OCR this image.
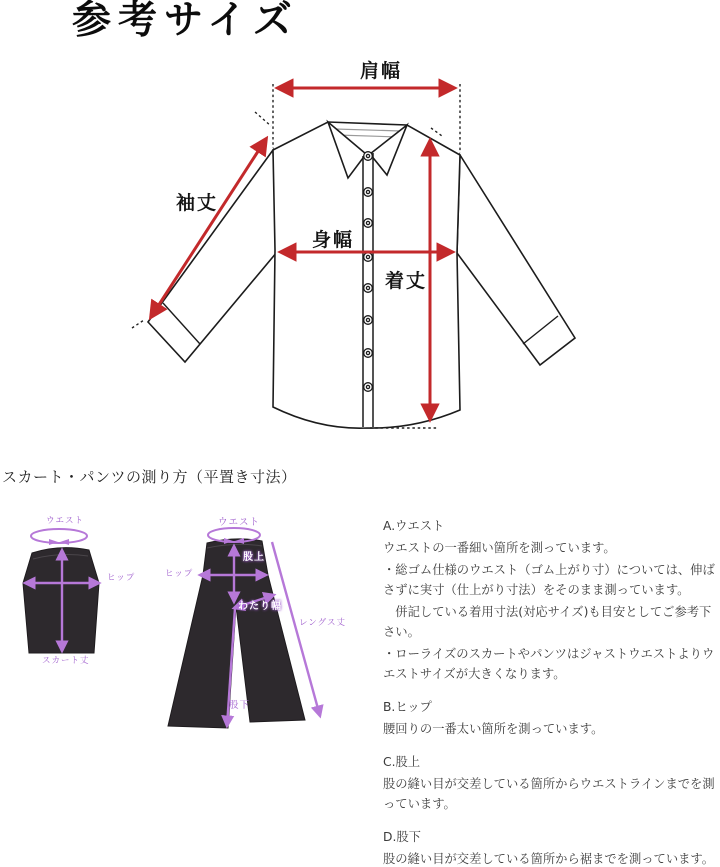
参考サイズ
肩幅
袖丈
身幅
着丈
スカート・パンツの測り方（平置き寸法）
ウエスト
ヒップ
スカート丈
ウエスト
股上
ヒップ
わたり幅
レングス丈
股下

A.ウエスト

ウエストの一番細い箇所を測っています。

・総ゴム仕様のウエスト（ゴム上がり寸）については、伸ばさずに実寸（仕上がり寸法）をそのまま測っています。

　併記している着用寸法(対応サイズ)も目安としてご参考下さい。

・ローライズのスカートやパンツはジャストウエストよりウエストサイズが大きくなります。

B.ヒップ

腰回りの一番太い箇所を測っています。

C.股上

股の縫い目が交差している箇所からウエストラインまでを測っています。

D.股下

股の縫い目が交差している箇所から裾までを測っています。
